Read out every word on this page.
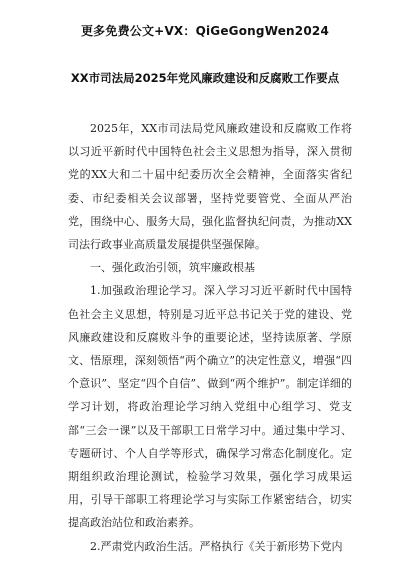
更多免费公文+VX：QiGeGongWen2024
XX市司法局2025年党风廉政建设和反腐败工作要点

2025年，XX市司法局党风廉政建设和反腐败工作将以习近平新时代中国特色社会主义思想为指导，深入贯彻党的XX大和二十届中纪委历次全会精神，全面落实省纪委、市纪委相关会议部署，坚持党要管党、全面从严治党，围绕中心、服务大局，强化监督执纪问责，为推动XX司法行政事业高质量发展提供坚强保障。

一、强化政治引领，筑牢廉政根基

1.加强政治理论学习。深入学习习近平新时代中国特色社会主义思想，特别是习近平总书记关于党的建设、党风廉政建设和反腐败斗争的重要论述，坚持读原著、学原文、悟原理，深刻领悟“两个确立”的决定性意义，增强“四个意识”、坚定“四个自信”、做到“两个维护”。制定详细的学习计划，将政治理论学习纳入党组中心组学习、党支部“三会一课”以及干部职工日常学习中。通过集中学习、专题研讨、个人自学等形式，确保学习常态化制度化。定期组织政治理论测试，检验学习效果，强化学习成果运用，引导干部职工将理论学习与实际工作紧密结合，切实提高政治站位和政治素养。

2.严肃党内政治生活。严格执行《关于新形势下党内
